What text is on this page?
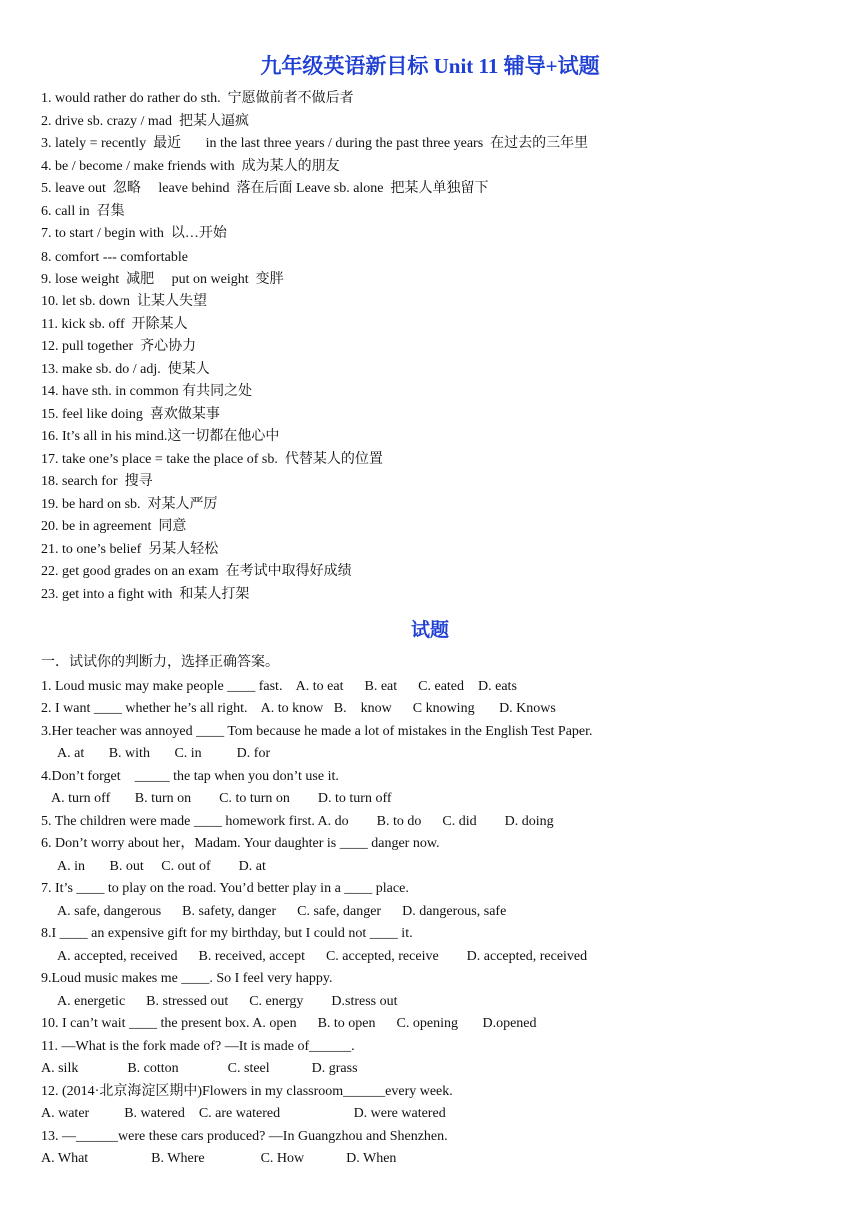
九年级英语新目标 Unit 11 辅导+试题
1. would rather do rather do sth.  宁愿做前者不做后者
2. drive sb. crazy / mad  把某人逼疯
3. lately = recently  最近       in the last three years / during the past three years  在过去的三年里
4. be / become / make friends with  成为某人的朋友
5. leave out  忽略     leave behind  落在后面 Leave sb. alone  把某人单独留下
6. call in  召集
7. to start / begin with  以…开始
8. comfort --- comfortable
9. lose weight  减肥     put on weight  变胖
10. let sb. down  让某人失望
11. kick sb. off  开除某人
12. pull together  齐心协力
13. make sb. do / adj.  使某人
14. have sth. in common 有共同之处
15. feel like doing  喜欢做某事
16. It’s all in his mind.这一切都在他心中
17. take one’s place = take the place of sb.  代替某人的位置
18. search for  搜寻
19. be hard on sb.  对某人严厉
20. be in agreement  同意
21. to one’s belief  另某人轻松
22. get good grades on an exam  在考试中取得好成绩
23. get into a fight with  和某人打架
试题
一．试试你的判断力，选择正确答案。
1. Loud music may make people ____ fast.    A. to eat      B. eat      C. eated    D. eats
2. I want ____ whether he’s all right.    A. to know   B.    know      C knowing       D. Knows
3.Her teacher was annoyed ____ Tom because he made a lot of mistakes in the English Test Paper.
A. at       B. with       C. in          D. for
4.Don’t forget    _____ the tap when you don’t use it.
A. turn off       B. turn on        C. to turn on        D. to turn off
5. The children were made ____ homework first. A. do        B. to do      C. did        D. doing
6. Don’t worry about her，Madam. Your daughter is ____ danger now.
A. in       B. out     C. out of        D. at
7. It’s ____ to play on the road. You’d better play in a ____ place.
A. safe, dangerous      B. safety, danger      C. safe, danger      D. dangerous, safe
8.I ____ an expensive gift for my birthday, but I could not ____ it.
A. accepted, received      B. received, accept      C. accepted, receive        D. accepted, received
9.Loud music makes me ____. So I feel very happy.
A. energetic      B. stressed out      C. energy        D.stress out
10. I can’t wait ____ the present box. A. open      B. to open      C. opening       D.opened
11. —What is the fork made of? —It is made of______.
A. silk              B. cotton              C. steel            D. grass
12. (2014·北京海淀区期中)Flowers in my classroom______every week.
A. water          B. watered    C. are watered                     D. were watered
13. —______were these cars produced? —In Guangzhou and Shenzhen.
A. What                  B. Where                C. How            D. When
